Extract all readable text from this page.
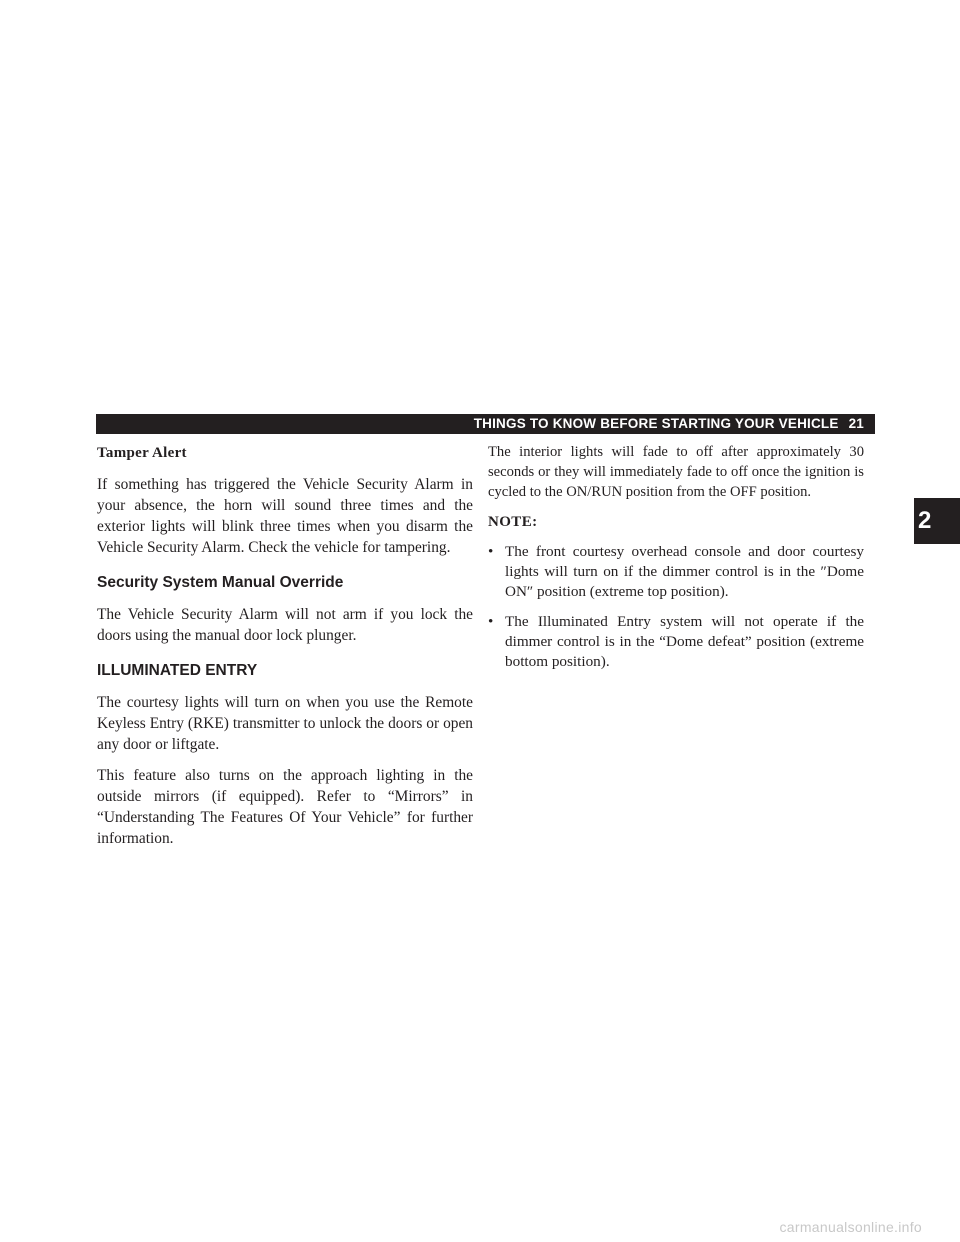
THINGS TO KNOW BEFORE STARTING YOUR VEHICLE 21
Tamper Alert

If something has triggered the Vehicle Security Alarm in your absence, the horn will sound three times and the exterior lights will blink three times when you disarm the Vehicle Security Alarm. Check the vehicle for tampering.

Security System Manual Override

The Vehicle Security Alarm will not arm if you lock the doors using the manual door lock plunger.

ILLUMINATED ENTRY

The courtesy lights will turn on when you use the Remote Keyless Entry (RKE) transmitter to unlock the doors or open any door or liftgate.

This feature also turns on the approach lighting in the outside mirrors (if equipped). Refer to “Mirrors” in “Understanding The Features Of Your Vehicle” for further information.

The interior lights will fade to off after approximately 30 seconds or they will immediately fade to off once the ignition is cycled to the ON/RUN position from the OFF position.

NOTE:
• The front courtesy overhead console and door courtesy lights will turn on if the dimmer control is in the ″Dome ON″ position (extreme top position).
• The Illuminated Entry system will not operate if the dimmer control is in the “Dome defeat” position (extreme bottom position).
2
carmanualsonline.info
